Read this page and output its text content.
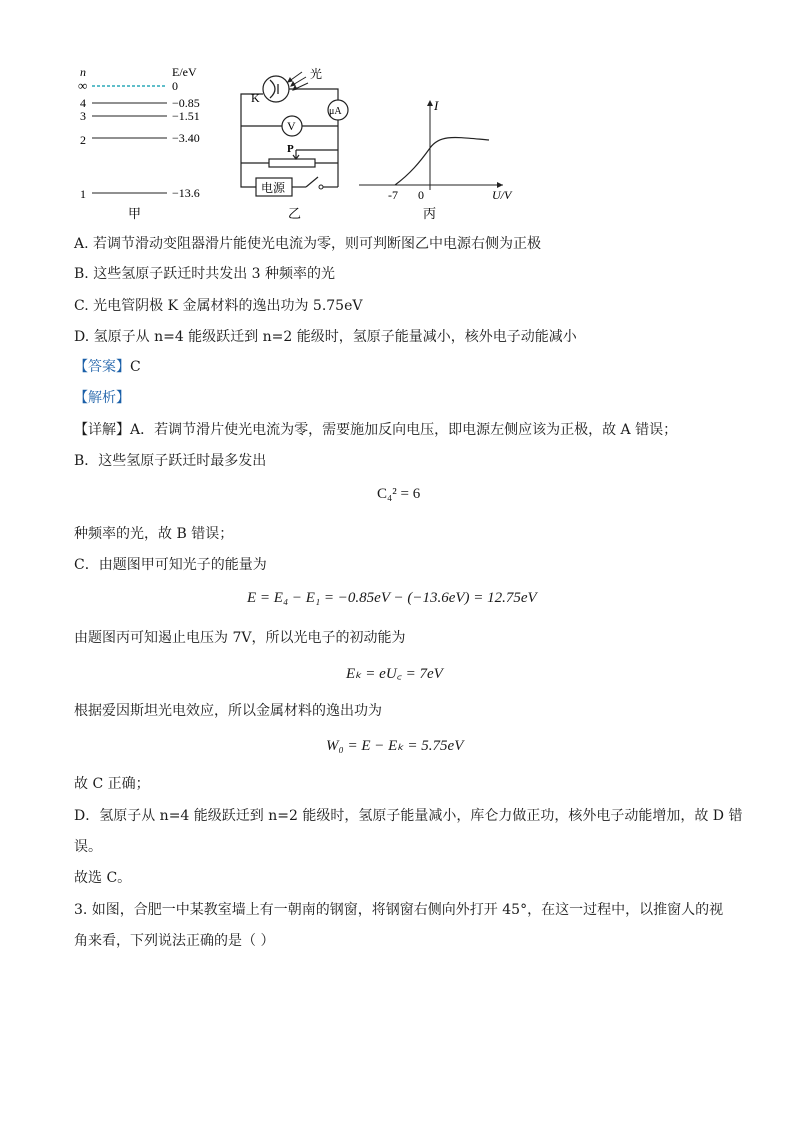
n	E/eV
∞	0
4	−0.85
3	−1.51
2	−3.40
1	−13.6
甲
K
光
μA
V
P
电源
乙
I
-7 0	U/V
丙
A. 若调节滑动变阻器滑片能使光电流为零，则可判断图乙中电源右侧为正极
B. 这些氢原子跃迁时共发出 3 种频率的光
C. 光电管阴极 K 金属材料的逸出功为 5.75eV
D. 氢原子从 n=4 能级跃迁到 n=2 能级时，氢原子能量减小，核外电子动能减小
【答案】C
【解析】
【详解】A．若调节滑片使光电流为零，需要施加反向电压，即电源左侧应该为正极，故 A 错误；
B．这些氢原子跃迁时最多发出
C₄² = 6
种频率的光，故 B 错误；
C．由题图甲可知光子的能量为
E = E₄ − E₁ = −0.85eV − (−13.6eV) = 12.75eV
由题图丙可知遏止电压为 7V，所以光电子的初动能为
Eₖ = eU꜀ = 7eV
根据爱因斯坦光电效应，所以金属材料的逸出功为
W₀ = E − Eₖ = 5.75eV
故 C 正确；
D．氢原子从 n=4 能级跃迁到 n=2 能级时，氢原子能量减小，库仑力做正功，核外电子动能增加，故 D 错
误。
故选 C。
3. 如图，合肥一中某教室墙上有一朝南的钢窗，将钢窗右侧向外打开 45°，在这一过程中，以推窗人的视
角来看，下列说法正确的是（ ）
